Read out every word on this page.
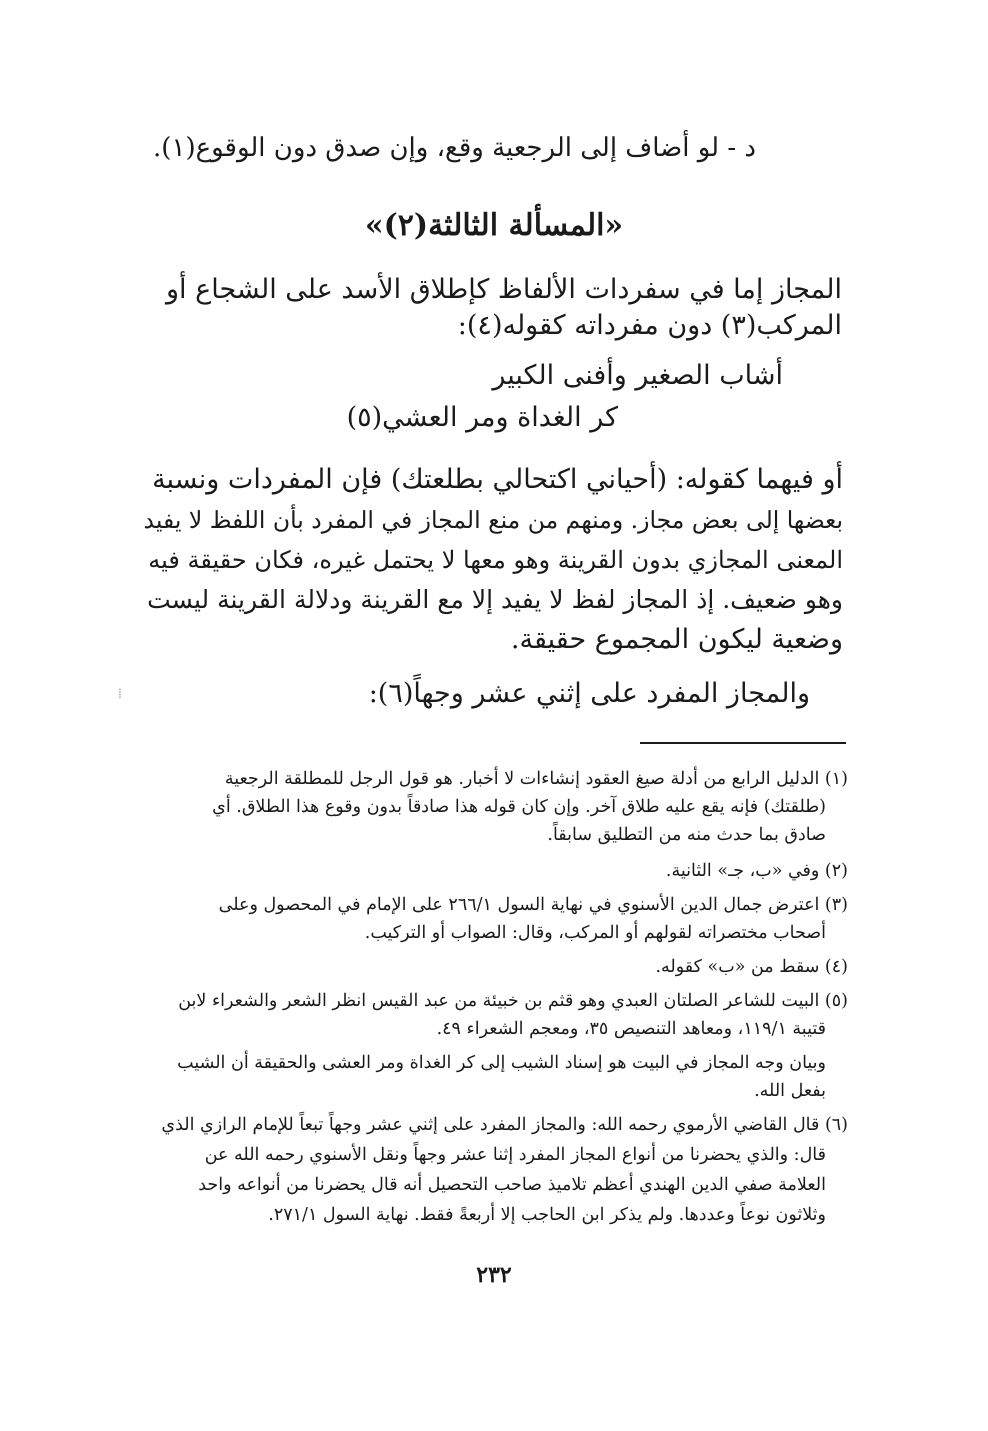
د - لو أضاف إلى الرجعية وقع، وإن صدق دون الوقوع(١).
«المسألة الثالثة(٢)»
المجاز إما في سفردات الألفاظ كإطلاق الأسد على الشجاع أو
المركب(٣) دون مفرداته كقوله(٤):
أشاب الصغير وأفنى الكبير
كر الغداة ومر العشي(٥)
أو فيهما كقوله: (أحياني اكتحالي بطلعتك) فإن المفردات ونسبة
بعضها إلى بعض مجاز. ومنهم من منع المجاز في المفرد بأن اللفظ لا يفيد
المعنى المجازي بدون القرينة وهو معها لا يحتمل غيره، فكان حقيقة فيه
وهو ضعيف. إذ المجاز لفظ لا يفيد إلا مع القرينة ودلالة القرينة ليست
وضعية ليكون المجموع حقيقة.
والمجاز المفرد على إثني عشر وجهاً(٦):
⁞
(١) الدليل الرابع من أدلة صيغ العقود إنشاءات لا أخبار. هو قول الرجل للمطلقة الرجعية
(طلقتك) فإنه يقع عليه طلاق آخر. وإن كان قوله هذا صادقاً بدون وقوع هذا الطلاق. أي
صادق بما حدث منه من التطليق سابقاً.
(٢) وفي «ب، جـ» الثانية.
(٣) اعترض جمال الدين الأسنوي في نهاية السول ٢٦٦/١ على الإمام في المحصول وعلى
أصحاب مختصراته لقولهم أو المركب، وقال: الصواب أو التركيب.
(٤) سقط من «ب» كقوله.
(٥) البيت للشاعر الصلتان العبدي وهو قثم بن خبيئة من عبد القيس انظر الشعر والشعراء لابن
قتيبة ١١٩/١، ومعاهد التنصيص ٣٥، ومعجم الشعراء ٤٩.
وبيان وجه المجاز في البيت هو إسناد الشيب إلى كر الغداة ومر العشى والحقيقة أن الشيب
بفعل الله.
(٦) قال القاضي الأرموي رحمه الله: والمجاز المفرد على إثني عشر وجهاً تبعاً للإمام الرازي الذي
قال: والذي يحضرنا من أنواع المجاز المفرد إثنا عشر وجهاً ونقل الأسنوي رحمه الله عن
العلامة صفي الدين الهندي أعظم تلاميذ صاحب التحصيل أنه قال يحضرنا من أنواعه واحد
وثلاثون نوعاً وعددها. ولم يذكر ابن الحاجب إلا أربعةً فقط. نهاية السول ٢٧١/١.
٢٣٢
